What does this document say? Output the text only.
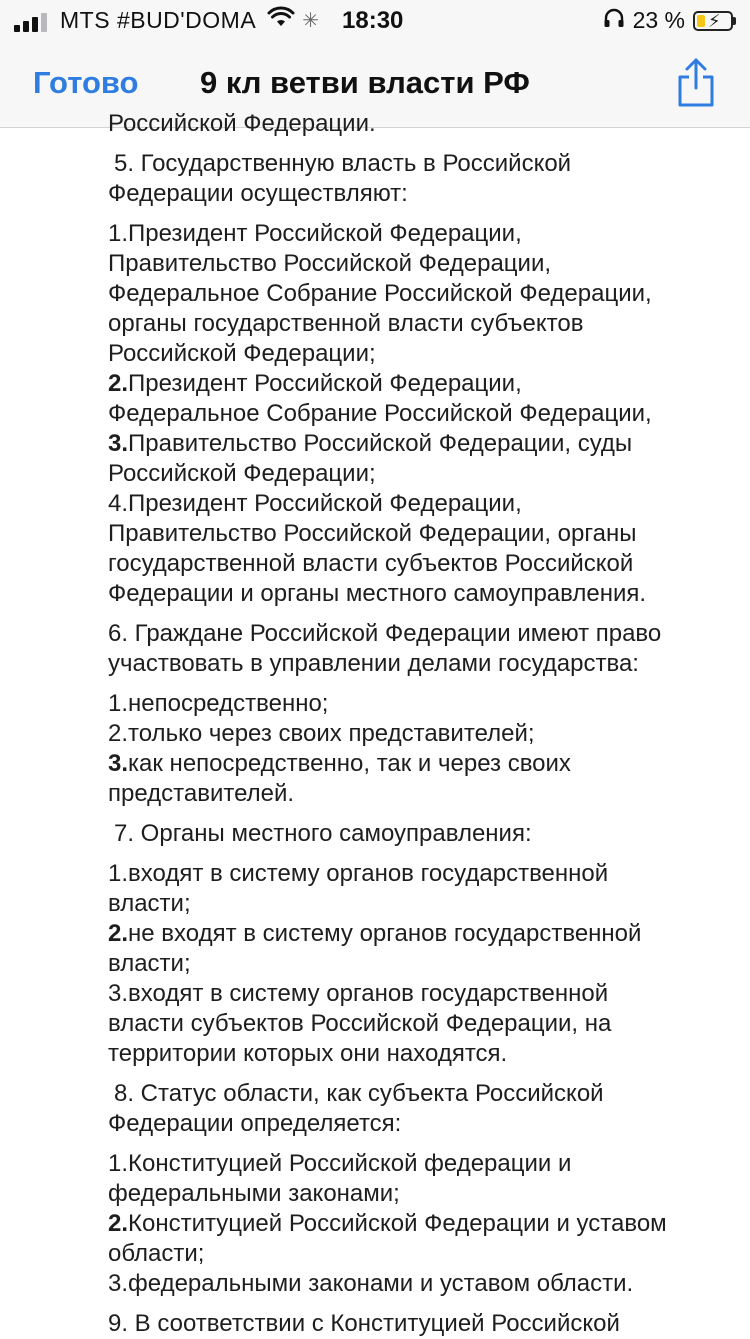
MTS #BUD'DOMA ✳ 18:30	23 % ⚡
Готово 9 кл ветви власти РФ
Российской Федерации.
5. Государственную власть в Российской
Федерации осуществляют:
1.Президент Российской Федерации,
Правительство Российской Федерации,
Федеральное Собрание Российской Федерации,
органы государственной власти субъектов
Российской Федерации;
2.Президент Российской Федерации,
Федеральное Собрание Российской Федерации,
3.Правительство Российской Федерации, суды
Российской Федерации;
4.Президент Российской Федерации,
Правительство Российской Федерации, органы
государственной власти субъектов Российской
Федерации и органы местного самоуправления.
6. Граждане Российской Федерации имеют право
участвовать в управлении делами государства:
1.непосредственно;
2.только через своих представителей;
3.как непосредственно, так и через своих
представителей.
7. Органы местного самоуправления:
1.входят в систему органов государственной
власти;
2.не входят в систему органов государственной
власти;
3.входят в систему органов государственной
власти субъектов Российской Федерации, на
территории которых они находятся.
8. Статус области, как субъекта Российской
Федерации определяется:
1.Конституцией Российской федерации и
федеральными законами;
2.Конституцией Российской Федерации и уставом
области;
3.федеральными законами и уставом области.
9. В соответствии с Конституцией Российской
